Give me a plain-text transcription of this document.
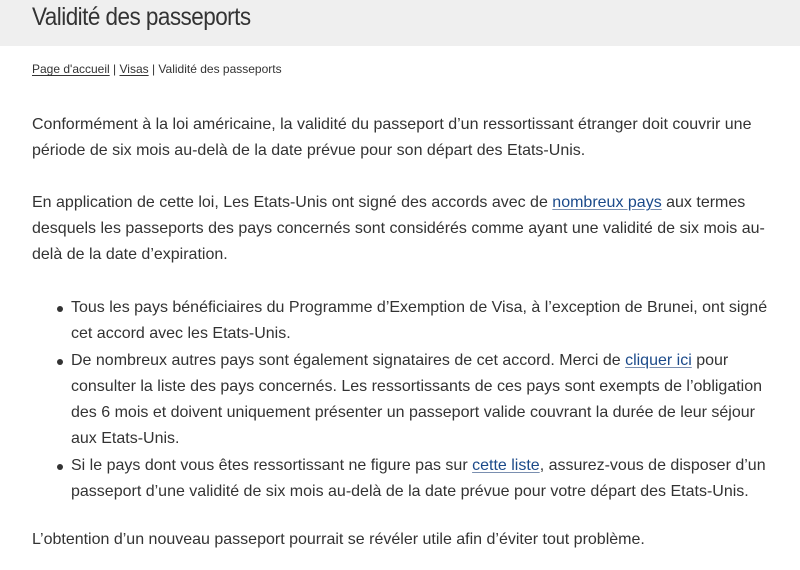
Validité des passeports
Page d'accueil | Visas | Validité des passeports

Conformément à la loi américaine, la validité du passeport d’un ressortissant étranger doit couvrir une période de six mois au-delà de la date prévue pour son départ des Etats-Unis.

En application de cette loi, Les Etats-Unis ont signé des accords avec de nombreux pays aux termes desquels les passeports des pays concernés sont considérés comme ayant une validité de six mois au-delà de la date d’expiration.

Tous les pays bénéficiaires du Programme d’Exemption de Visa, à l’exception de Brunei, ont signé cet accord avec les Etats-Unis.
De nombreux autres pays sont également signataires de cet accord. Merci de cliquer ici pour consulter la liste des pays concernés. Les ressortissants de ces pays sont exempts de l’obligation des 6 mois et doivent uniquement présenter un passeport valide couvrant la durée de leur séjour aux Etats-Unis.
Si le pays dont vous êtes ressortissant ne figure pas sur cette liste, assurez-vous de disposer d’un passeport d’une validité de six mois au-delà de la date prévue pour votre départ des Etats-Unis.

L’obtention d’un nouveau passeport pourrait se révéler utile afin d’éviter tout problème.
